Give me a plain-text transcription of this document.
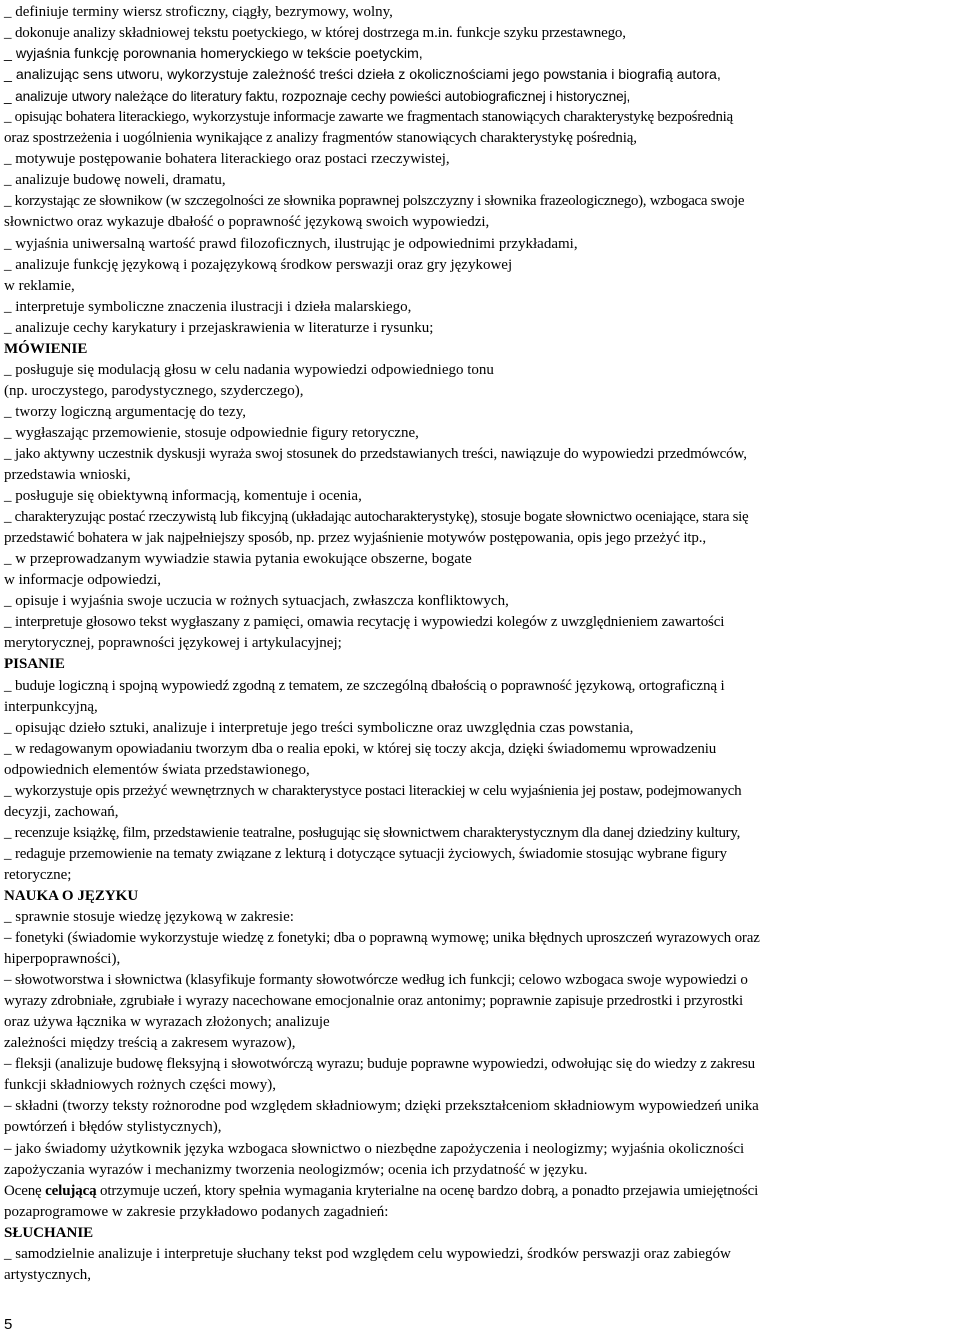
_ definiuje terminy wiersz stroficzny, ciągły, bezrymowy, wolny,
_ dokonuje analizy składniowej tekstu poetyckiego, w której dostrzega m.in. funkcje szyku przestawnego,
_ wyjaśnia funkcję porownania homeryckiego w tekście poetyckim,
_ analizując sens utworu, wykorzystuje zależność treści dzieła z okolicznościami jego powstania i biografią autora,
_ analizuje utwory należące do literatury faktu, rozpoznaje cechy powieści autobiograficznej i historycznej,
_ opisując bohatera literackiego, wykorzystuje informacje zawarte we fragmentach stanowiących charakterystykę bezpośrednią
oraz spostrzeżenia i uogólnienia wynikające z analizy fragmentów stanowiących charakterystykę pośrednią,
_ motywuje postępowanie bohatera literackiego oraz postaci rzeczywistej,
_ analizuje budowę noweli, dramatu,
_ korzystając ze słownikow (w szczegolności ze słownika poprawnej polszczyzny i słownika frazeologicznego), wzbogaca swoje
słownictwo oraz wykazuje dbałość o poprawność językową swoich wypowiedzi,
_ wyjaśnia uniwersalną wartość prawd filozoficznych, ilustrując je odpowiednimi przykładami,
_ analizuje funkcję językową i pozajęzykową środkow perswazji oraz gry językowej
w reklamie,
_ interpretuje symboliczne znaczenia ilustracji i dzieła malarskiego,
_ analizuje cechy karykatury i przejaskrawienia w literaturze i rysunku;
MÓWIENIE
_ posługuje się modulacją głosu w celu nadania wypowiedzi odpowiedniego tonu
(np. uroczystego, parodystycznego, szyderczego),
_ tworzy logiczną argumentację do tezy,
_ wygłaszając przemowienie, stosuje odpowiednie figury retoryczne,
_ jako aktywny uczestnik dyskusji wyraża swoj stosunek do przedstawianych treści, nawiązuje do wypowiedzi przedmówców,
przedstawia wnioski,
_ posługuje się obiektywną informacją, komentuje i ocenia,
_ charakteryzując postać rzeczywistą lub fikcyjną (układając autocharakterystykę), stosuje bogate słownictwo oceniające, stara się
przedstawić bohatera w jak najpełniejszy sposób, np. przez wyjaśnienie motywów postępowania, opis jego przeżyć itp.,
_ w przeprowadzanym wywiadzie stawia pytania ewokujące obszerne, bogate
w informacje odpowiedzi,
_ opisuje i wyjaśnia swoje uczucia w rożnych sytuacjach, zwłaszcza konfliktowych,
_ interpretuje głosowo tekst wygłaszany z pamięci, omawia recytację i wypowiedzi kolegów z uwzględnieniem zawartości
merytorycznej, poprawności językowej i artykulacyjnej;
PISANIE
_ buduje logiczną i spojną wypowiedź zgodną z tematem, ze szczególną dbałością o poprawność językową, ortograficzną i
interpunkcyjną,
_ opisując dzieło sztuki, analizuje i interpretuje jego treści symboliczne oraz uwzględnia czas powstania,
_ w redagowanym opowiadaniu tworzym dba o realia epoki, w której się toczy akcja, dzięki świadomemu wprowadzeniu
odpowiednich elementów świata przedstawionego,
_ wykorzystuje opis przeżyć wewnętrznych w charakterystyce postaci literackiej w celu wyjaśnienia jej postaw, podejmowanych
decyzji, zachowań,
_ recenzuje książkę, film, przedstawienie teatralne, posługując się słownictwem charakterystycznym dla danej dziedziny kultury,
_ redaguje przemowienie na tematy związane z lekturą i dotyczące sytuacji życiowych, świadomie stosując wybrane figury
retoryczne;
NAUKA O JĘZYKU
_ sprawnie stosuje wiedzę językową w zakresie:
– fonetyki (świadomie wykorzystuje wiedzę z fonetyki; dba o poprawną wymowę; unika błędnych uproszczeń wyrazowych oraz
hiperpoprawności),
– słowotworstwa i słownictwa (klasyfikuje formanty słowotwórcze według ich funkcji; celowo wzbogaca swoje wypowiedzi o
wyrazy zdrobniałe, zgrubiałe i wyrazy nacechowane emocjonalnie oraz antonimy; poprawnie zapisuje przedrostki i przyrostki
oraz używa łącznika w wyrazach złożonych; analizuje
zależności między treścią a zakresem wyrazow),
– fleksji (analizuje budowę fleksyjną i słowotwórczą wyrazu; buduje poprawne wypowiedzi, odwołując się do wiedzy z zakresu
funkcji składniowych rożnych części mowy),
– składni (tworzy teksty rożnorodne pod względem składniowym; dzięki przekształceniom składniowym wypowiedzeń unika
powtórzeń i błędów stylistycznych),
– jako świadomy użytkownik języka wzbogaca słownictwo o niezbędne zapożyczenia i neologizmy; wyjaśnia okoliczności
zapożyczania wyrazów i mechanizmy tworzenia neologizmów; ocenia ich przydatność w języku.
Ocenę celującą otrzymuje uczeń, ktory spełnia wymagania kryterialne na ocenę bardzo dobrą, a ponadto przejawia umiejętności
pozaprogramowe w zakresie przykładowo podanych zagadnień:
SŁUCHANIE
_ samodzielnie analizuje i interpretuje słuchany tekst pod względem celu wypowiedzi, środków perswazji oraz zabiegów
artystycznych,
5
